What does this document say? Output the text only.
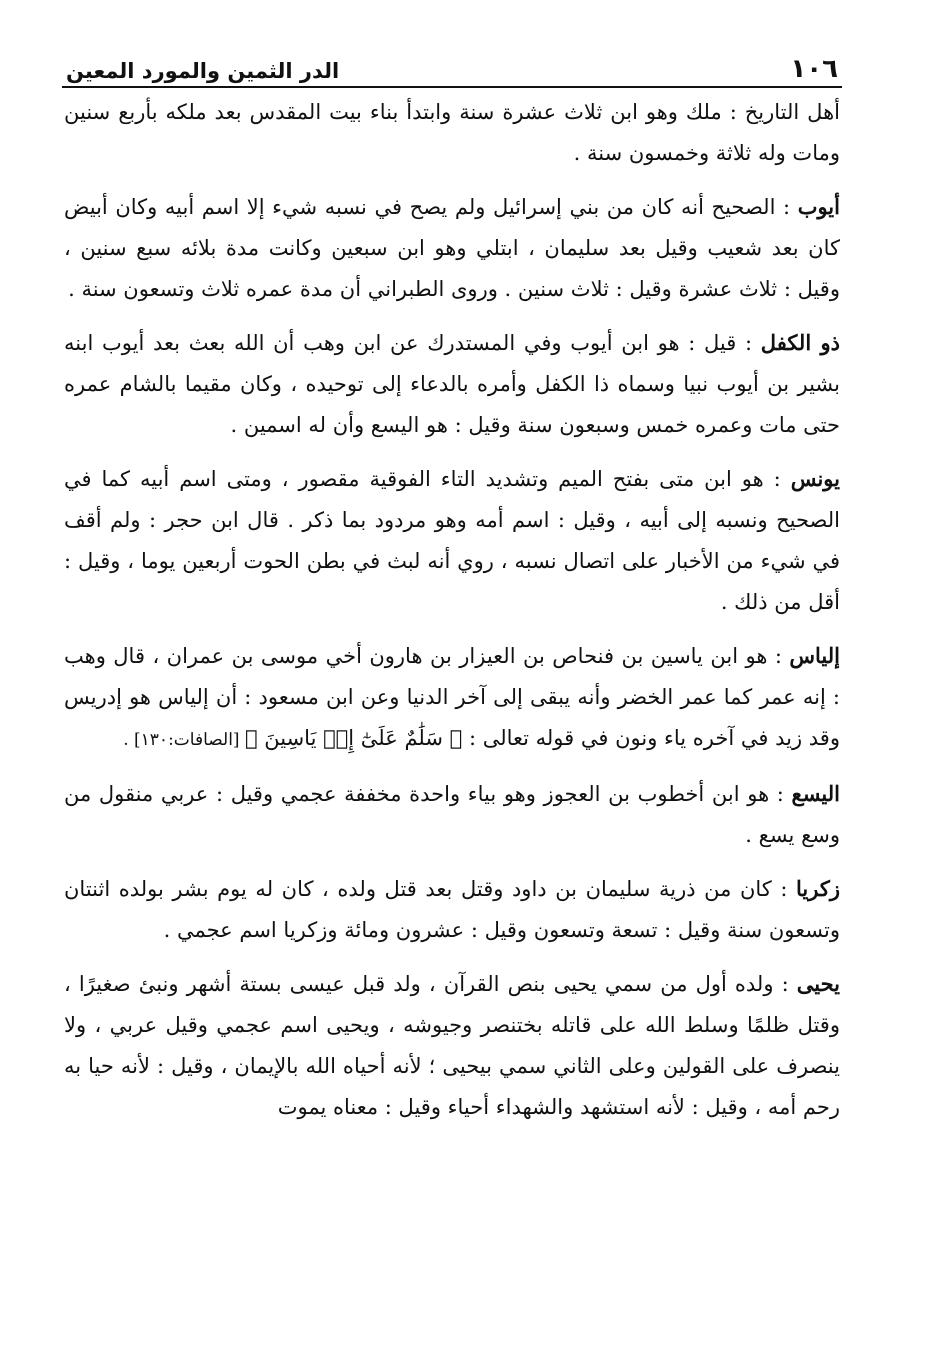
١٠٦
الدر الثمين والمورد المعين

أهل التاريخ : ملك وهو ابن ثلاث عشرة سنة وابتدأ بناء بيت المقدس بعد ملكه بأربع سنين ومات وله ثلاثة وخمسون سنة .

أيوب : الصحيح أنه كان من بني إسرائيل ولم يصح في نسبه شيء إلا اسم أبيه وكان أبيض كان بعد شعيب وقيل بعد سليمان ، ابتلي وهو ابن سبعين وكانت مدة بلائه سبع سنين ، وقيل : ثلاث عشرة وقيل : ثلاث سنين . وروى الطبراني أن مدة عمره ثلاث وتسعون سنة .

ذو الكفل : قيل : هو ابن أيوب وفي المستدرك عن ابن وهب أن الله بعث بعد أيوب ابنه بشير بن أيوب نبيا وسماه ذا الكفل وأمره بالدعاء إلى توحيده ، وكان مقيما بالشام عمره حتى مات وعمره خمس وسبعون سنة وقيل : هو اليسع وأن له اسمين .

يونس : هو ابن متى بفتح الميم وتشديد التاء الفوقية مقصور ، ومتى اسم أبيه كما في الصحيح ونسبه إلى أبيه ، وقيل : اسم أمه وهو مردود بما ذكر . قال ابن حجر : ولم أقف في شيء من الأخبار على اتصال نسبه ، روي أنه لبث في بطن الحوت أربعين يوما ، وقيل : أقل من ذلك .

إلياس : هو ابن ياسين بن فنحاص بن العيزار بن هارون أخي موسى بن عمران ، قال وهب : إنه عمر كما عمر الخضر وأنه يبقى إلى آخر الدنيا وعن ابن مسعود : أن إلياس هو إدريس وقد زيد في آخره ياء ونون في قوله تعالى : ﴿ سَلَٰمٌ عَلَىٰٓ إِلۡ يَاسِينَ ﴾ [الصافات:١٣٠] .

اليسع : هو ابن أخطوب بن العجوز وهو بياء واحدة مخففة عجمي وقيل : عربي منقول من وسع يسع .

زكريا : كان من ذرية سليمان بن داود وقتل بعد قتل ولده ، كان له يوم بشر بولده اثنتان وتسعون سنة وقيل : تسعة وتسعون وقيل : عشرون ومائة وزكريا اسم عجمي .

يحيى : ولده أول من سمي يحيى بنص القرآن ، ولد قبل عيسى بستة أشهر ونبئ صغيرًا ، وقتل ظلمًا وسلط الله على قاتله بختنصر وجيوشه ، ويحيى اسم عجمي وقيل عربي ، ولا ينصرف على القولين وعلى الثاني سمي بيحيى ؛ لأنه أحياه الله بالإيمان ، وقيل : لأنه حيا به رحم أمه ، وقيل : لأنه استشهد والشهداء أحياء وقيل : معناه يموت
